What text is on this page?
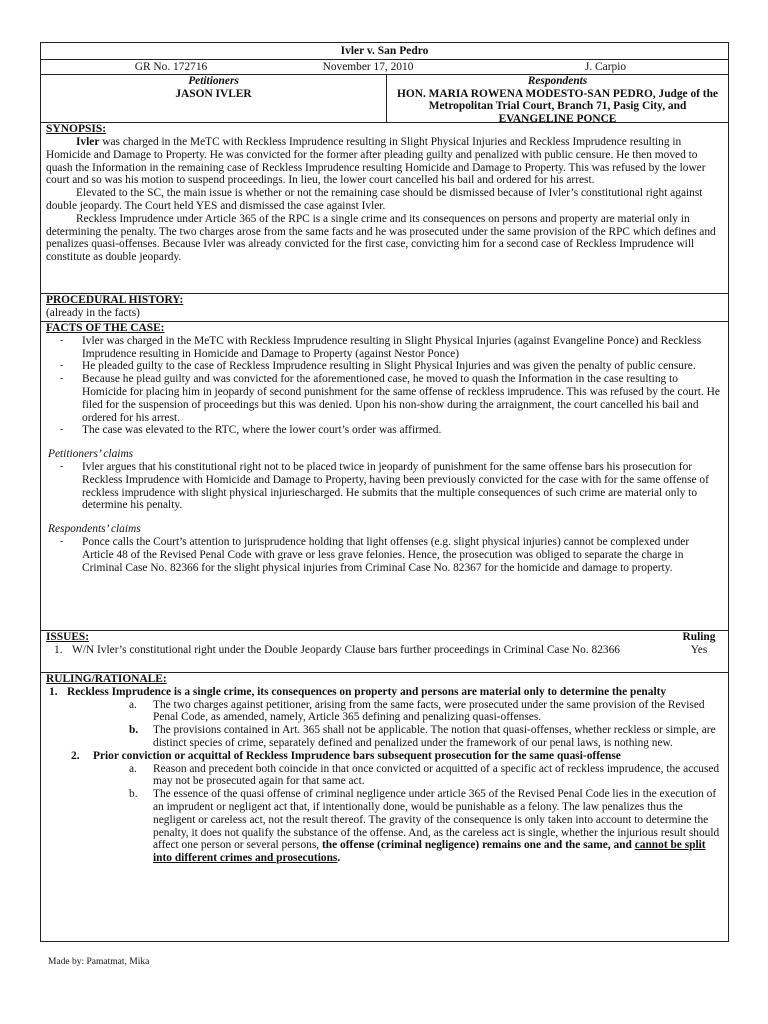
Ivler v. San Pedro
GR No. 172716	November 17, 2010	J. Carpio
Petitioners
JASON IVLER
Respondents
HON. MARIA ROWENA MODESTO-SAN PEDRO, Judge of the
Metropolitan Trial Court, Branch 71, Pasig City, and
EVANGELINE PONCE
SYNOPSIS:
Ivler was charged in the MeTC with Reckless Imprudence resulting in Slight Physical Injuries and Reckless Imprudence resulting in Homicide and Damage to Property. He was convicted for the former after pleading guilty and penalized with public censure. He then moved to quash the Information in the remaining case of Reckless Imprudence resulting Homicide and Damage to Property. This was refused by the lower court and so was his motion to suspend proceedings. In lieu, the lower court cancelled his bail and ordered for his arrest.
Elevated to the SC, the main issue is whether or not the remaining case should be dismissed because of Ivler’s constitutional right against double jeopardy. The Court held YES and dismissed the case against Ivler.
Reckless Imprudence under Article 365 of the RPC is a single crime and its consequences on persons and property are material only in determining the penalty. The two charges arose from the same facts and he was prosecuted under the same provision of the RPC which defines and penalizes quasi-offenses. Because Ivler was already convicted for the first case, convicting him for a second case of Reckless Imprudence will constitute as double jeopardy.
PROCEDURAL HISTORY:
(already in the facts)
FACTS OF THE CASE:
- Ivler was charged in the MeTC with Reckless Imprudence resulting in Slight Physical Injuries (against Evangeline Ponce) and Reckless Imprudence resulting in Homicide and Damage to Property (against Nestor Ponce)
- He pleaded guilty to the case of Reckless Imprudence resulting in Slight Physical Injuries and was given the penalty of public censure.
- Because he plead guilty and was convicted for the aforementioned case, he moved to quash the Information in the case resulting to Homicide for placing him in jeopardy of second punishment for the same offense of reckless imprudence. This was refused by the court. He filed for the suspension of proceedings but this was denied. Upon his non-show during the arraignment, the court cancelled his bail and ordered for his arrest.
- The case was elevated to the RTC, where the lower court’s order was affirmed.
Petitioners’ claims
- Ivler argues that his constitutional right not to be placed twice in jeopardy of punishment for the same offense bars his prosecution for Reckless Imprudence with Homicide and Damage to Property, having been previously convicted for the case with for the same offense of reckless imprudence with slight physical injuriescharged. He submits that the multiple consequences of such crime are material only to determine his penalty.
Respondents’ claims
- Ponce calls the Court’s attention to jurisprudence holding that light offenses (e.g. slight physical injuries) cannot be complexed under Article 48 of the Revised Penal Code with grave or less grave felonies. Hence, the prosecution was obliged to separate the charge in Criminal Case No. 82366 for the slight physical injuries from Criminal Case No. 82367 for the homicide and damage to property.
ISSUES:	Ruling
1. W/N Ivler’s constitutional right under the Double Jeopardy Clause bars further proceedings in Criminal Case No. 82366	Yes
RULING/RATIONALE:
1. Reckless Imprudence is a single crime, its consequences on property and persons are material only to determine the penalty
a.	The two charges against petitioner, arising from the same facts, were prosecuted under the same provision of the Revised Penal Code, as amended, namely, Article 365 defining and penalizing quasi-offenses.
b. The provisions contained in Art. 365 shall not be applicable. The notion that quasi-offenses, whether reckless or simple, are distinct species of crime, separately defined and penalized under the framework of our penal laws, is nothing new.
2.	Prior conviction or acquittal of Reckless Imprudence bars subsequent prosecution for the same quasi-offense
a.	Reason and precedent both coincide in that once convicted or acquitted of a specific act of reckless imprudence, the accused may not be prosecuted again for that same act.
b.	The essence of the quasi offense of criminal negligence under article 365 of the Revised Penal Code lies in the execution of an imprudent or negligent act that, if intentionally done, would be punishable as a felony. The law penalizes thus the negligent or careless act, not the result thereof. The gravity of the consequence is only taken into account to determine the penalty, it does not qualify the substance of the offense. And, as the careless act is single, whether the injurious result should affect one person or several persons, the offense (criminal negligence) remains one and the same, and cannot be split into different crimes and prosecutions.
Made by: Pamatmat, Mika
